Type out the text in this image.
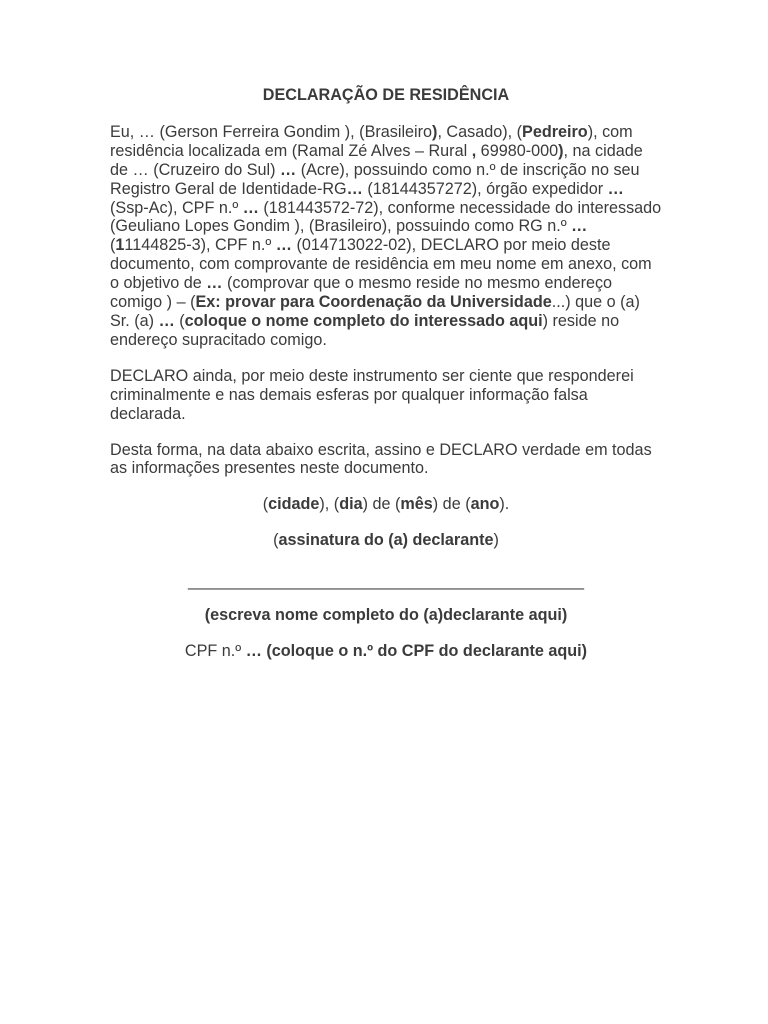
DECLARAÇÃO DE RESIDÊNCIA

Eu, … (Gerson Ferreira Gondim ), (Brasileiro), Casado), (Pedreiro), com residência localizada em (Ramal Zé Alves – Rural , 69980-000), na cidade de … (Cruzeiro do Sul) … (Acre), possuindo como n.º de inscrição no seu Registro Geral de Identidade-RG… (18144357272), órgão expedidor … (Ssp-Ac), CPF n.º … (181443572-72), conforme necessidade do interessado (Geuliano Lopes Gondim ), (Brasileiro), possuindo como RG n.º … (11144825-3), CPF n.º … (014713022-02), DECLARO por meio deste documento, com comprovante de residência em meu nome em anexo, com o objetivo de … (comprovar que o mesmo reside no mesmo endereço comigo ) – (Ex: provar para Coordenação da Universidade...) que o (a) Sr. (a) … (coloque o nome completo do interessado aqui) reside no endereço supracitado comigo.

DECLARO ainda, por meio deste instrumento ser ciente que responderei criminalmente e nas demais esferas por qualquer informação falsa declarada.

Desta forma, na data abaixo escrita, assino e DECLARO verdade em todas as informações presentes neste documento.

(cidade), (dia) de (mês) de (ano).

(assinatura do (a) declarante)

____________________________________________

(escreva nome completo do (a)declarante aqui)

CPF n.º … (coloque o n.º do CPF do declarante aqui)
